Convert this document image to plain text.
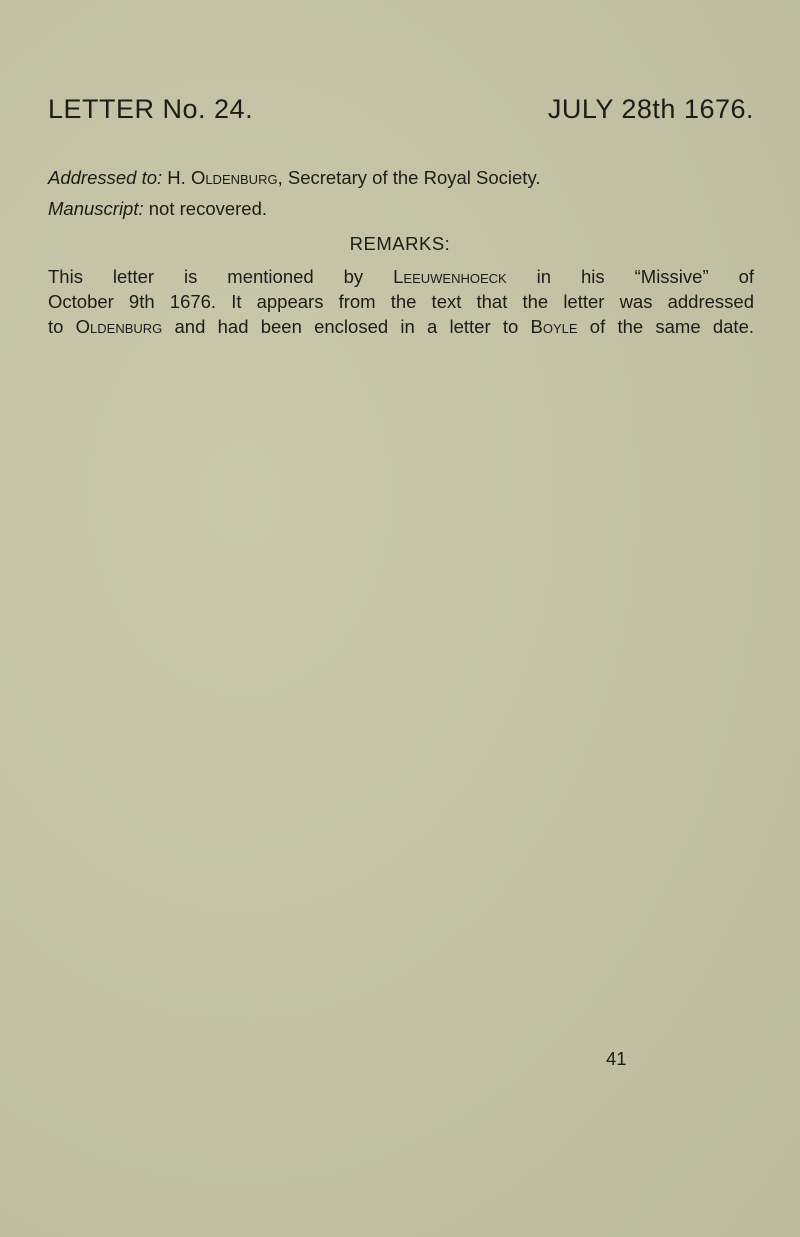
LETTER No. 24.	JULY 28th 1676.
Addressed to: H. Oldenburg, Secretary of the Royal Society.
Manuscript: not recovered.
REMARKS:
This letter is mentioned by Leeuwenhoeck in his “Missive” of
October 9th 1676. It appears from the text that the letter was addressed
to Oldenburg and had been enclosed in a letter to Boyle of the same date.
41
